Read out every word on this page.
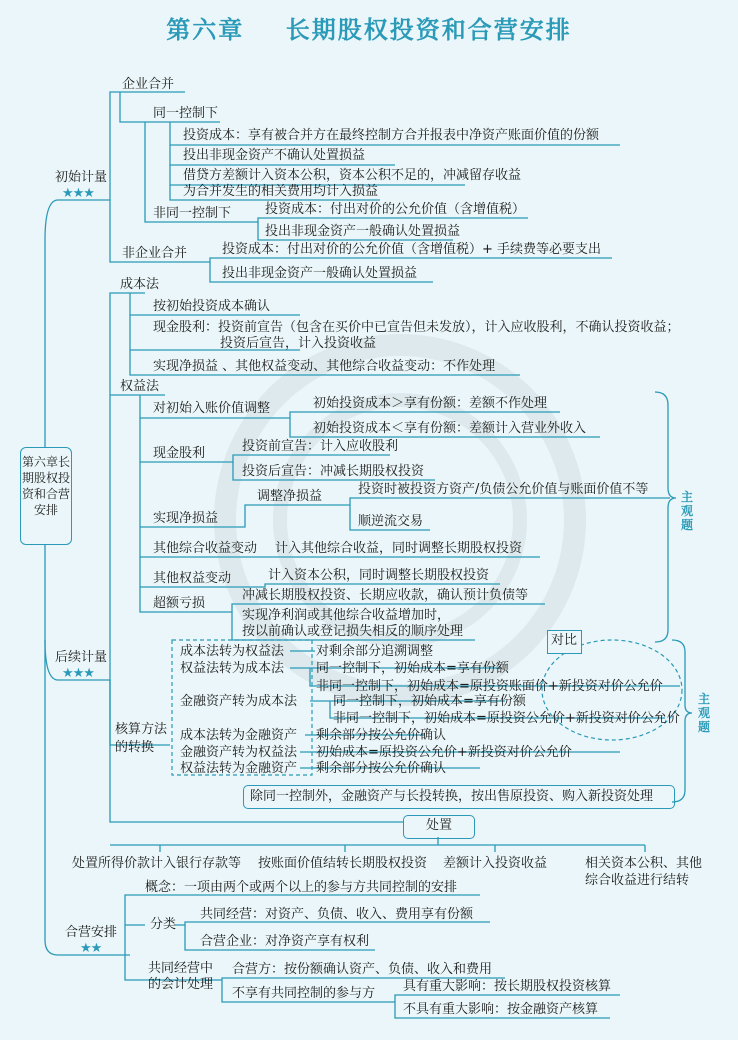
第六章    长期股权投资和合营安排
第六章长期股权投资和合营安排
主观题
主观题
初始计量
★★★
企业合并
同一控制下
投资成本：享有被合并方在最终控制方合并报表中净资产账面价值的份额
投出非现金资产不确认处置损益
借贷方差额计入资本公积，资本公积不足的，冲减留存收益
为合并发生的相关费用均计入损益
非同一控制下	投资成本：付出对价的公允价值（含增值税）
投出非现金资产一般确认处置损益
非企业合并	投资成本：付出对价的公允价值（含增值税）+ 手续费等必要支出
投出非现金资产一般确认处置损益
成本法
按初始投资成本确认
现金股利：投资前宣告（包含在买价中已宣告但未发放），计入应收股利，不确认投资收益；
投资后宣告，计入投资收益
实现净损益 、其他权益变动、其他综合收益变动：不作处理
权益法
对初始入账价值调整	初始投资成本＞享有份额：差额不作处理
初始投资成本＜享有份额：差额计入营业外收入
现金股利	投资前宣告：计入应收股利
投资后宣告：冲减长期股权投资
实现净损益
调整净损益	投资时被投资方资产/负债公允价值与账面价值不等
顺逆流交易
其他综合收益变动 计入其他综合收益，同时调整长期股权投资
其他权益变动	计入资本公积，同时调整长期股权投资
超额亏损
冲减长期股权投资、长期应收款，确认预计负债等
实现净利润或其他综合收益增加时，
按以前确认或登记损失相反的顺序处理
后续计量
★★★
核算方法的转换
成本法转为权益法
权益法转为成本法
金融资产转为成本法
成本法转为金融资产
金融资产转为权益法
权益法转为金融资产
对剩余部分追溯调整
同一控制下，初始成本=享有份额
非同一控制下，初始成本=原投资账面价+新投资对价公允价
同一控制下，初始成本=享有份额
非同一控制下，初始成本=原投资公允价+新投资对价公允价
剩余部分按公允价确认
初始成本=原投资公允价+新投资对价公允价
剩余部分按公允价确认
对比
除同一控制外，金融资产与长投转换，按出售原投资、购入新投资处理
处置
处置所得价款计入银行存款等 按账面价值结转长期股权投资 差额计入投资收益	相关资本公积、其他
综合收益进行结转
合营安排
★★
概念：一项由两个或两个以上的参与方共同控制的安排
分类
共同经营：对资产、负债、收入、费用享有份额
合营企业：对净资产享有权利
共同经营中
的会计处理
合营方：按份额确认资产、负债、收入和费用
不享有共同控制的参与方 具有重大影响：按长期股权投资核算
不具有重大影响：按金融资产核算
